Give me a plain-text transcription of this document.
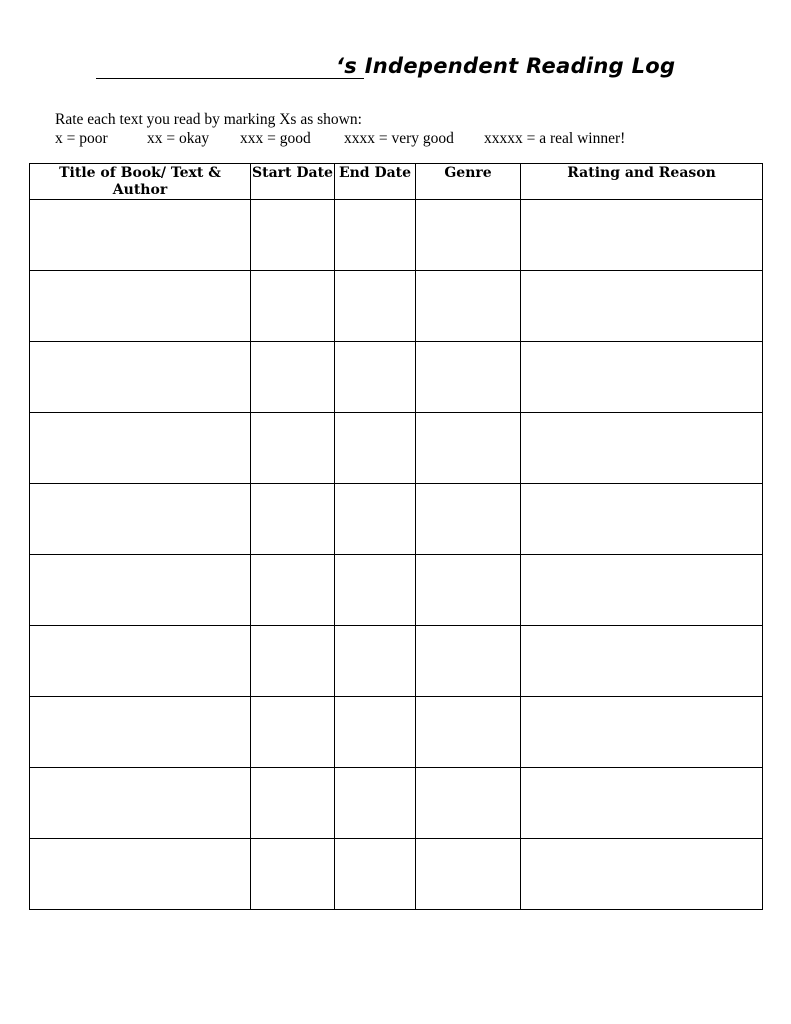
‘s Independent Reading Log
Rate each text you read by marking Xs as shown:
x = poor	xx = okay	xxx = good	xxxx = very good	xxxxx = a real winner!
Title of Book/ Text & Author	Start Date	End Date	Genre	Rating and Reason
